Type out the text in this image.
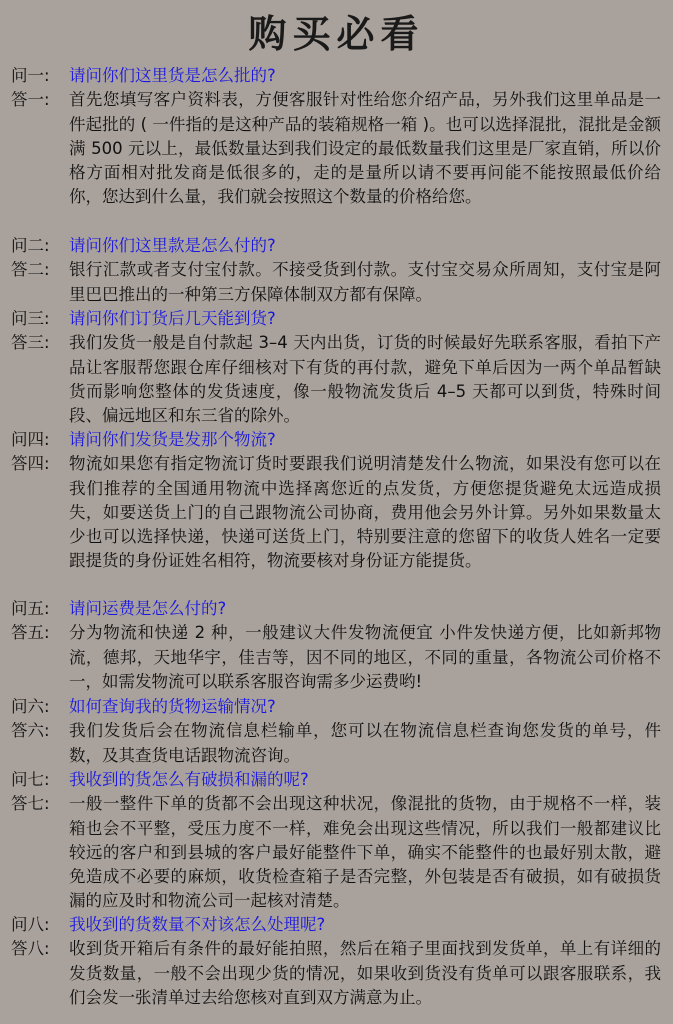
购买必看
问一:	请问你们这里货是怎么批的?
答一:	首先您填写客户资料表，方便客服针对性给您介绍产品，另外我们这里单品是一件起批的 ( 一件指的是这种产品的装箱规格一箱 )。也可以选择混批，混批是金额满 500 元以上，最低数量达到我们设定的最低数量我们这里是厂家直销，所以价格方面相对批发商是低很多的，走的是量所以请不要再问能不能按照最低价给你，您达到什么量，我们就会按照这个数量的价格给您。
问二:	请问你们这里款是怎么付的?
答二:	银行汇款或者支付宝付款。不接受货到付款。支付宝交易众所周知，支付宝是阿里巴巴推出的一种第三方保障体制双方都有保障。
问三:	请问你们订货后几天能到货?
答三:	我们发货一般是自付款起 3–4 天内出货，订货的时候最好先联系客服，看拍下产品让客服帮您跟仓库仔细核对下有货的再付款，避免下单后因为一两个单品暂缺货而影响您整体的发货速度，像一般物流发货后 4–5 天都可以到货，特殊时间段、偏远地区和东三省的除外。
问四:	请问你们发货是发那个物流?
答四:	物流如果您有指定物流订货时要跟我们说明清楚发什么物流，如果没有您可以在我们推荐的全国通用物流中选择离您近的点发货，方便您提货避免太远造成损失，如要送货上门的自己跟物流公司协商，费用他会另外计算。另外如果数量太少也可以选择快递，快递可送货上门，特别要注意的您留下的收货人姓名一定要跟提货的身份证姓名相符，物流要核对身份证方能提货。
问五:	请问运费是怎么付的?
答五:	分为物流和快递 2 种，一般建议大件发物流便宜 小件发快递方便，比如新邦物流，德邦，天地华宇，佳吉等，因不同的地区，不同的重量，各物流公司价格不一，如需发物流可以联系客服咨询需多少运费哟!
问六:	如何查询我的货物运输情况?
答六:	我们发货后会在物流信息栏输单，您可以在物流信息栏查询您发货的单号，件数，及其查货电话跟物流咨询。
问七:	我收到的货怎么有破损和漏的呢?
答七:	一般一整件下单的货都不会出现这种状况，像混批的货物，由于规格不一样，装箱也会不平整，受压力度不一样，难免会出现这些情况，所以我们一般都建议比较远的客户和到县城的客户最好能整件下单，确实不能整件的也最好别太散，避免造成不必要的麻烦，收货检查箱子是否完整，外包装是否有破损，如有破损货漏的应及时和物流公司一起核对清楚。
问八:	我收到的货数量不对该怎么处理呢?
答八:	收到货开箱后有条件的最好能拍照，然后在箱子里面找到发货单，单上有详细的发货数量，一般不会出现少货的情况，如果收到货没有货单可以跟客服联系，我们会发一张清单过去给您核对直到双方满意为止。
